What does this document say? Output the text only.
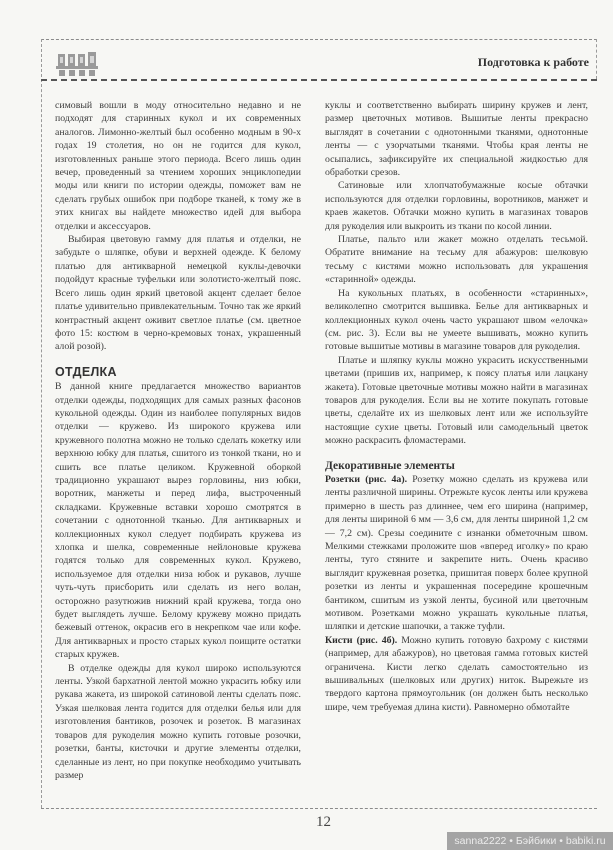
Подготовка к работе

симовый вошли в моду относительно недавно и не подходят для старинных кукол и их современных аналогов. Лимонно-желтый был особенно модным в 90-х годах 19 столетия, но он не годится для кукол, изготовленных раньше этого периода. Всего лишь один вечер, проведенный за чтением хороших энциклопедии моды или книги по истории одежды, поможет вам не сделать грубых ошибок при подборе тканей, к тому же в этих книгах вы найдете множество идей для выбора отделки и аксессуаров.

Выбирая цветовую гамму для платья и отделки, не забудьте о шляпке, обуви и верхней одежде. К белому платью для антикварной немецкой куклы-девочки подойдут красные туфельки или золотисто-желтый пояс. Всего лишь один яркий цветовой акцент сделает белое платье удивительно привлекательным. Точно так же яркий контрастный акцент оживит светлое платье (см. цветное фото 15: костюм в черно-кремовых тонах, украшенный алой розой).

ОТДЕЛКА

В данной книге предлагается множество вариантов отделки одежды, подходящих для самых разных фасонов кукольной одежды. Один из наиболее популярных видов отделки — кружево. Из широкого кружева или кружевного полотна можно не только сделать кокетку или верхнюю юбку для платья, сшитого из тонкой ткани, но и сшить все платье целиком. Кружевной оборкой традиционно украшают вырез горловины, низ юбки, воротник, манжеты и перед лифа, выстроченный складками. Кружевные вставки хорошо смотрятся в сочетании с однотонной тканью. Для антикварных и коллекционных кукол следует подбирать кружева из хлопка и шелка, современные нейлоновые кружева годятся только для современных кукол. Кружево, используемое для отделки низа юбок и рукавов, лучше чуть-чуть присборить или сделать из него волан, осторожно разутюжив нижний край кружева, тогда оно будет выглядеть лучше. Белому кружеву можно придать бежевый оттенок, окрасив его в некрепком чае или кофе. Для антикварных и просто старых кукол поищите остатки старых кружев.

В отделке одежды для кукол широко используются ленты. Узкой бархатной лентой можно украсить юбку или рукава жакета, из широкой сатиновой ленты сделать пояс. Узкая шелковая лента годится для отделки белья или для изготовления бантиков, розочек и розеток. В магазинах товаров для рукоделия можно купить готовые розочки, розетки, банты, кисточки и другие элементы отделки, сделанные из лент, но при покупке необходимо учитывать размер

куклы и соответственно выбирать ширину кружев и лент, размер цветочных мотивов. Вышитые ленты прекрасно выглядят в сочетании с однотонными тканями, однотонные ленты — с узорчатыми тканями. Чтобы края ленты не осыпались, зафиксируйте их специальной жидкостью для обработки срезов.

Сатиновые или хлопчатобумажные косые обтачки используются для отделки горловины, воротников, манжет и краев жакетов. Обтачки можно купить в магазинах товаров для рукоделия или выкроить из ткани по косой линии.

Платье, пальто или жакет можно отделать тесьмой. Обратите внимание на тесьму для абажуров: шелковую тесьму с кистями можно использовать для украшения «старинной» одежды.

На кукольных платьях, в особенности «старинных», великолепно смотрится вышивка. Белье для антикварных и коллекционных кукол очень часто украшают швом «елочка» (см. рис. 3). Если вы не умеете вышивать, можно купить готовые вышитые мотивы в магазине товаров для рукоделия.

Платье и шляпку куклы можно украсить искусственными цветами (пришив их, например, к поясу платья или лацкану жакета). Готовые цветочные мотивы можно найти в магазинах товаров для рукоделия. Если вы не хотите покупать готовые цветы, сделайте их из шелковых лент или же используйте настоящие сухие цветы. Готовый или самодельный цветок можно раскрасить фломастерами.

Декоративные элементы

Розетки (рис. 4а). Розетку можно сделать из кружева или ленты различной ширины. Отрежьте кусок ленты или кружева примерно в шесть раз длиннее, чем его ширина (например, для ленты шириной 6 мм — 3,6 см, для ленты шириной 1,2 см — 7,2 см). Срезы соедините с изнанки обметочным швом. Мелкими стежками проложите шов «вперед иголку» по краю ленты, туго стяните и закрепите нить. Очень красиво выглядит кружевная розетка, пришитая поверх более крупной розетки из ленты и украшенная посередине крошечным бантиком, сшитым из узкой ленты, бусиной или цветочным мотивом. Розетками можно украшать кукольные платья, шляпки и детские шапочки, а также туфли.

Кисти (рис. 4б). Можно купить готовую бахрому с кистями (например, для абажуров), но цветовая гамма готовых кистей ограничена. Кисти легко сделать самостоятельно из вышивальных (шелковых или других) ниток. Вырежьте из твердого картона прямоугольник (он должен быть несколько шире, чем требуемая длина кисти). Равномерно обмотайте

12
sanna2222 • Бэйбики • babiki.ru
